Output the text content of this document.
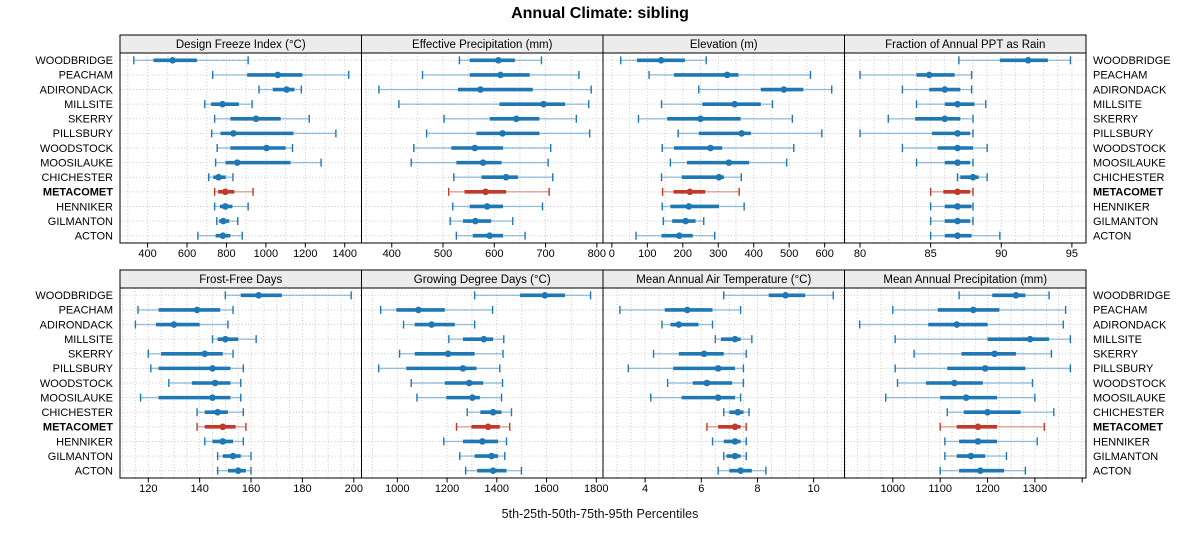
Annual Climate: sibling
Design Freeze Index (°C)
400 600 800 1000 1200 1400
Effective Precipitation (mm)
400	500	600	700	800
Elevation (m)
0 100 200 300 400 500 600
Fraction of Annual PPT as Rain
80	85	90	95
Frost-Free Days
120	140	160	180	200
Growing Degree Days (°C)
1000 1200 1400 1600 1800
Mean Annual Air Temperature (°C)
4	6	8	10
Mean Annual Precipitation (mm)
1000 1100 1200 1300
WOODBRIDGE	WOODBRIDGE
PEACHAM	PEACHAM
ADIRONDACK	ADIRONDACK
MILLSITE	MILLSITE
SKERRY	SKERRY
PILLSBURY	PILLSBURY
WOODSTOCK	WOODSTOCK
MOOSILAUKE	MOOSILAUKE
CHICHESTER	CHICHESTER
METACOMET	METACOMET
HENNIKER	HENNIKER
GILMANTON	GILMANTON
ACTON	ACTON
WOODBRIDGE	WOODBRIDGE
PEACHAM	PEACHAM
ADIRONDACK	ADIRONDACK
MILLSITE	MILLSITE
SKERRY	SKERRY
PILLSBURY	PILLSBURY
WOODSTOCK	WOODSTOCK
MOOSILAUKE	MOOSILAUKE
CHICHESTER	CHICHESTER
METACOMET	METACOMET
HENNIKER	HENNIKER
GILMANTON	GILMANTON
ACTON	ACTON
5th-25th-50th-75th-95th Percentiles
